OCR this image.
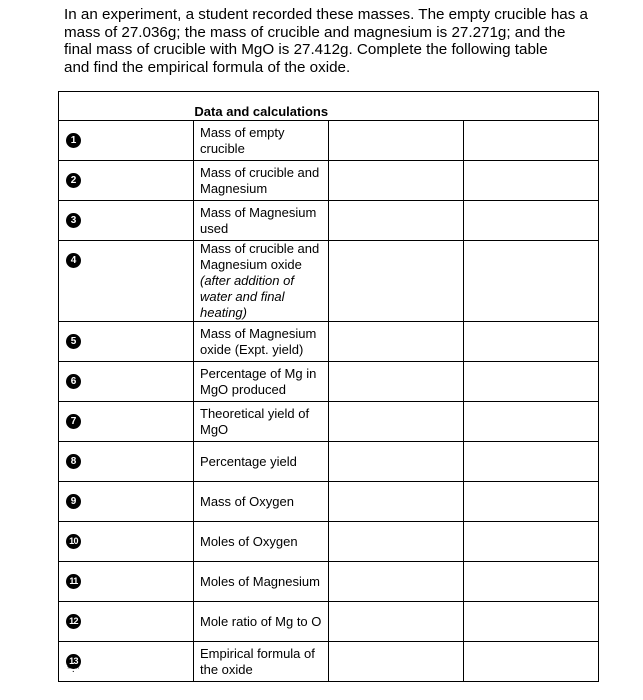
In an experiment, a student recorded these masses. The empty crucible has a
mass of 27.036g; the mass of crucible and magnesium is 27.271g; and the
final mass of crucible with MgO is 27.412g. Complete the following table
and find the empirical formula of the oxide.
Data and calculations			

1	Mass of empty crucible		

2	Mass of crucible and Magnesium		

3	Mass of Magnesium used		

4	Mass of crucible and Magnesium oxide
(after addition of water and final heating)		

5	Mass of Magnesium oxide (Expt. yield)		

6	Percentage of Mg in MgO produced		

7	Theoretical yield of MgO		

8	Percentage yield		

9	Mass of Oxygen		

10	Moles of Oxygen		

11	Moles of Magnesium		

12	Mole ratio of Mg to O		

13	Empirical formula of the oxide		

*.*
